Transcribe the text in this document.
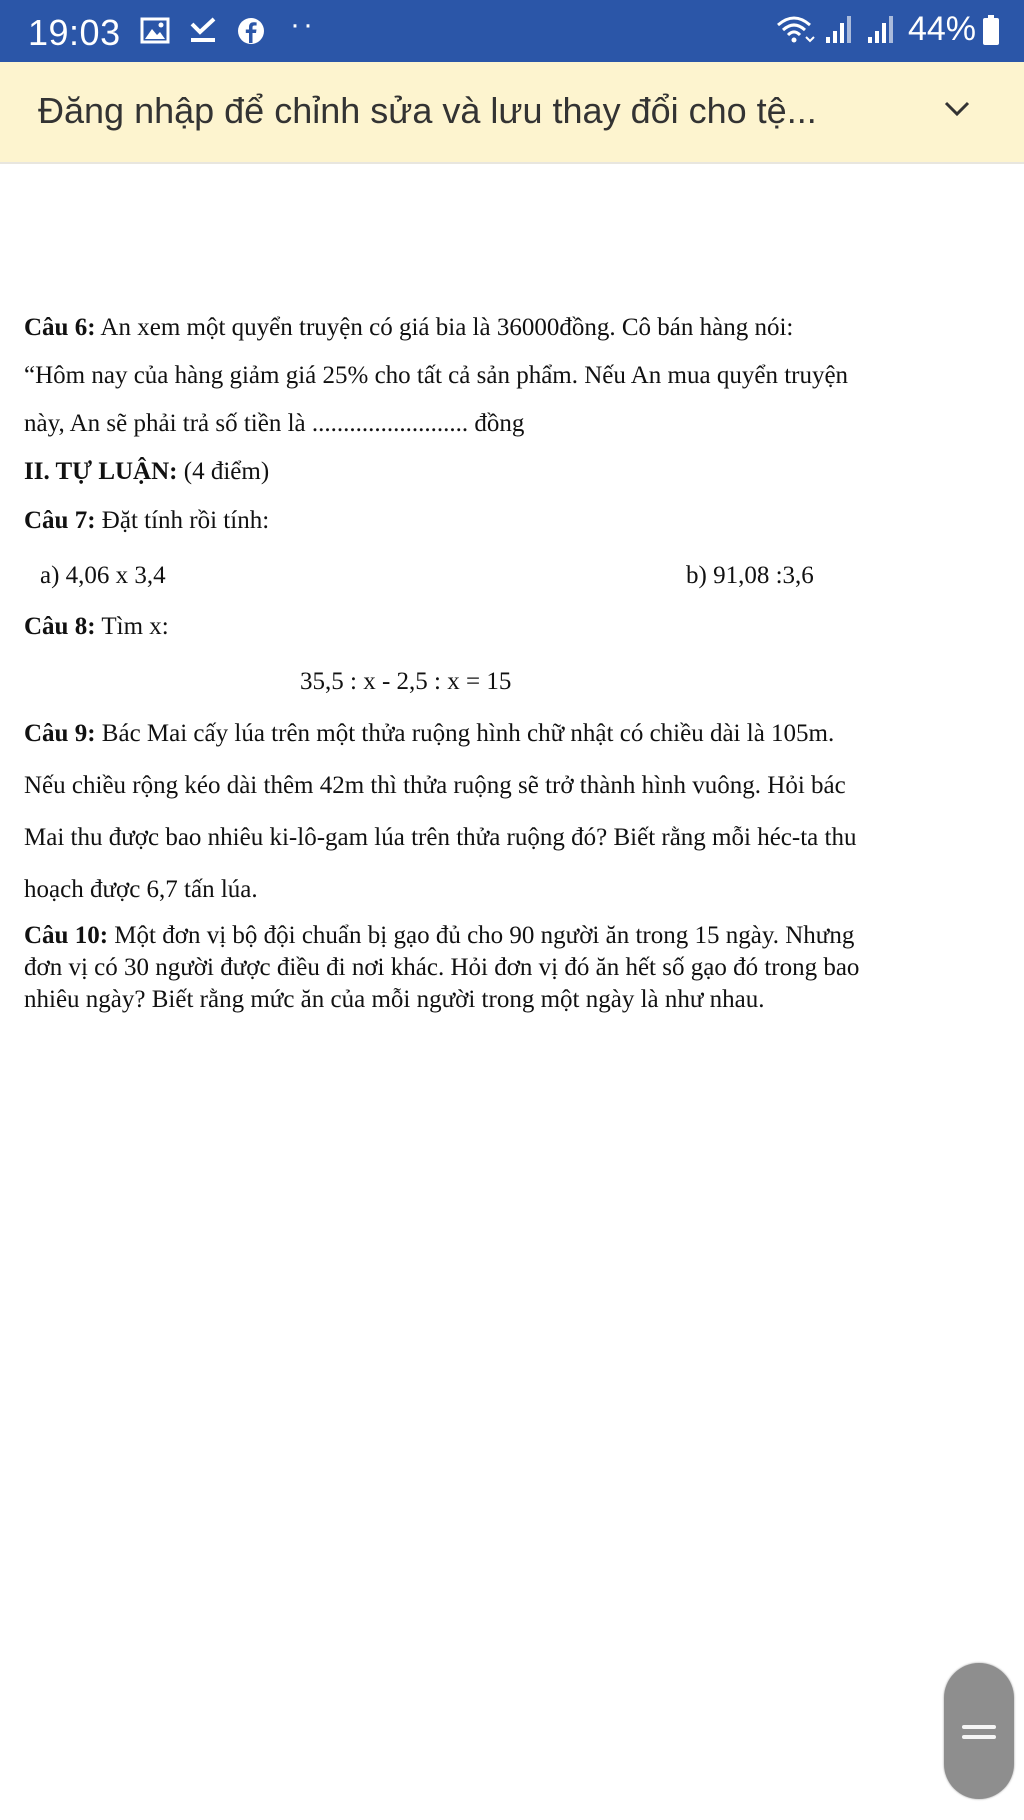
19:03	··	44%
Đăng nhập để chỉnh sửa và lưu thay đổi cho tệ...
Câu 6: An xem một quyển truyện có giá bia là 36000đồng. Cô bán hàng nói:
“Hôm nay của hàng giảm giá 25% cho tất cả sản phẩm. Nếu An mua quyển truyện
này, An sẽ phải trả số tiền là ......................... đồng
II. TỰ LUẬN: (4 điểm)
Câu 7: Đặt tính rồi tính:
a) 4,06 x 3,4	b) 91,08 :3,6
Câu 8: Tìm x:
35,5 : x - 2,5 : x = 15
Câu 9: Bác Mai cấy lúa trên một thửa ruộng hình chữ nhật có chiều dài là 105m.
Nếu chiều rộng kéo dài thêm 42m thì thửa ruộng sẽ trở thành hình vuông. Hỏi bác
Mai thu được bao nhiêu ki-lô-gam lúa trên thửa ruộng đó? Biết rằng mỗi héc-ta thu
hoạch được 6,7 tấn lúa.
Câu 10: Một đơn vị bộ đội chuẩn bị gạo đủ cho 90 người ăn trong 15 ngày. Nhưng
đơn vị có 30 người được điều đi nơi khác. Hỏi đơn vị đó ăn hết số gạo đó trong bao
nhiêu ngày? Biết rằng mức ăn của mỗi người trong một ngày là như nhau.
